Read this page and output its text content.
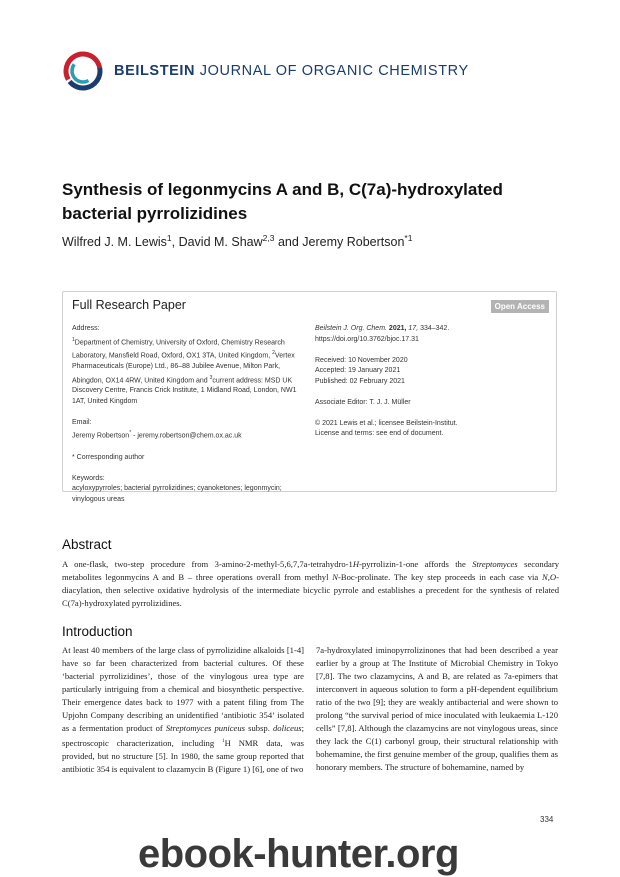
BEILSTEIN JOURNAL OF ORGANIC CHEMISTRY
Synthesis of legonmycins A and B, C(7a)-hydroxylated bacterial pyrrolizidines
Wilfred J. M. Lewis$^1$, David M. Shaw$^{2,3}$ and Jeremy Robertson$^{*1}$
Full Research Paper	Open Access

Address:

$^1$Department of Chemistry, University of Oxford, Chemistry Research Laboratory, Mansfield Road, Oxford, OX1 3TA, United Kingdom, $^2$Vertex Pharmaceuticals (Europe) Ltd., 86–88 Jubilee Avenue, Milton Park, Abingdon, OX14 4RW, United Kingdom and $^3$current address: MSD UK Discovery Centre, Francis Crick Institute, 1 Midland Road, London, NW1 1AT, United Kingdom

Email:

Jeremy Robertson* - jeremy.robertson@chem.ox.ac.uk

* Corresponding author

Keywords:

acyloxypyrroles; bacterial pyrrolizidines; cyanoketones; legonmycin; vinylogous ureas

Beilstein J. Org. Chem. 2021, 17, 334–342.

https://doi.org/10.3762/bjoc.17.31

Received: 10 November 2020

Accepted: 19 January 2021

Published: 02 February 2021

Associate Editor: T. J. J. Müller

© 2021 Lewis et al.; licensee Beilstein-Institut.

License and terms: see end of document.

Abstract

A one-flask, two-step procedure from 3-amino-2-methyl-5,6,7,7a-tetrahydro-1H-pyrrolizin-1-one affords the Streptomyces secondary metabolites legonmycins A and B – three operations overall from methyl N-Boc-prolinate. The key step proceeds in each case via N,O-diacylation, then selective oxidative hydrolysis of the intermediate bicyclic pyrrole and establishes a precedent for the synthesis of related C(7a)-hydroxylated pyrrolizidines.

Introduction

At least 40 members of the large class of pyrrolizidine alkaloids [1-4] have so far been characterized from bacterial cultures. Of these ‘bacterial pyrrolizidines’, those of the vinylogous urea type are particularly intriguing from a chemical and biosynthetic perspective. Their emergence dates back to 1977 with a patent filing from The Upjohn Company describing an unidentified ‘antibiotic 354’ isolated as a fermentation product of Streptomyces puniceus subsp. doliceus; spectroscopic characterization, including $^1$H NMR data, was provided, but no structure [5]. In 1980, the same group reported that antibiotic 354 is equivalent to clazamycin B (Figure 1) [6], one of two

7a-hydroxylated iminopyrrolizinones that had been described a year earlier by a group at The Institute of Microbial Chemistry in Tokyo [7,8]. The two clazamycins, A and B, are related as 7a-epimers that interconvert in aqueous solution to form a pH-dependent equilibrium ratio of the two [9]; they are weakly antibacterial and were shown to prolong “the survival period of mice inoculated with leukaemia L-120 cells” [7,8]. Although the clazamycins are not vinylogous ureas, since they lack the C(1) carbonyl group, their structural relationship with bohemamine, the first genuine member of the group, qualifies them as honorary members. The structure of bohemamine, named by

334
ebook-hunter.org
